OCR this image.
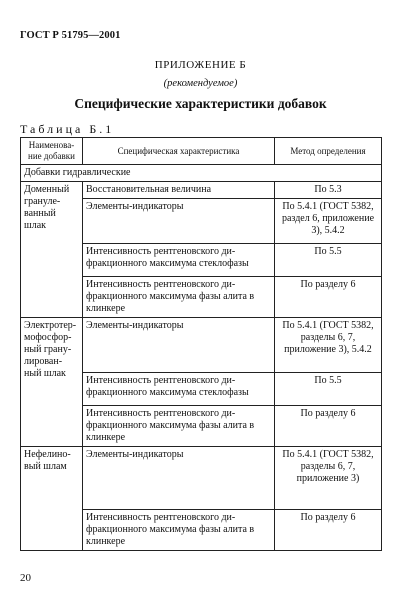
ГОСТ Р 51795—2001
ПРИЛОЖЕНИЕ Б
(рекомендуемое)
Специфические характеристики добавок
Таблица Б.1
Наименова-ние добавки	Специфическая характеристика	Метод определения
Добавки гидравлические		
Доменный грануле-ванный шлак	Восстановительная величина	По 5.3
	Элементы-индикаторы	По 5.4.1 (ГОСТ 5382, раздел 6, приложение 3), 5.4.2
	Интенсивность рентгеновского ди-фракционного максимума стеклофазы	По 5.5
	Интенсивность рентгеновского ди-фракционного максимума фазы алита в клинкере	По разделу 6
Электротер-мофосфор-ный грану-лирован-ный шлак	Элементы-индикаторы	По 5.4.1 (ГОСТ 5382, разделы 6, 7, приложение 3), 5.4.2
	Интенсивность рентгеновского ди-фракционного максимума стеклофазы	По 5.5
	Интенсивность рентгеновского ди-фракционного максимума фазы алита в клинкере	По разделу 6
Нефелино-вый шлам	Элементы-индикаторы	По 5.4.1 (ГОСТ 5382, разделы 6, 7, приложение 3)
	Интенсивность рентгеновского ди-фракционного максимума фазы алита в клинкере	По разделу 6
20
